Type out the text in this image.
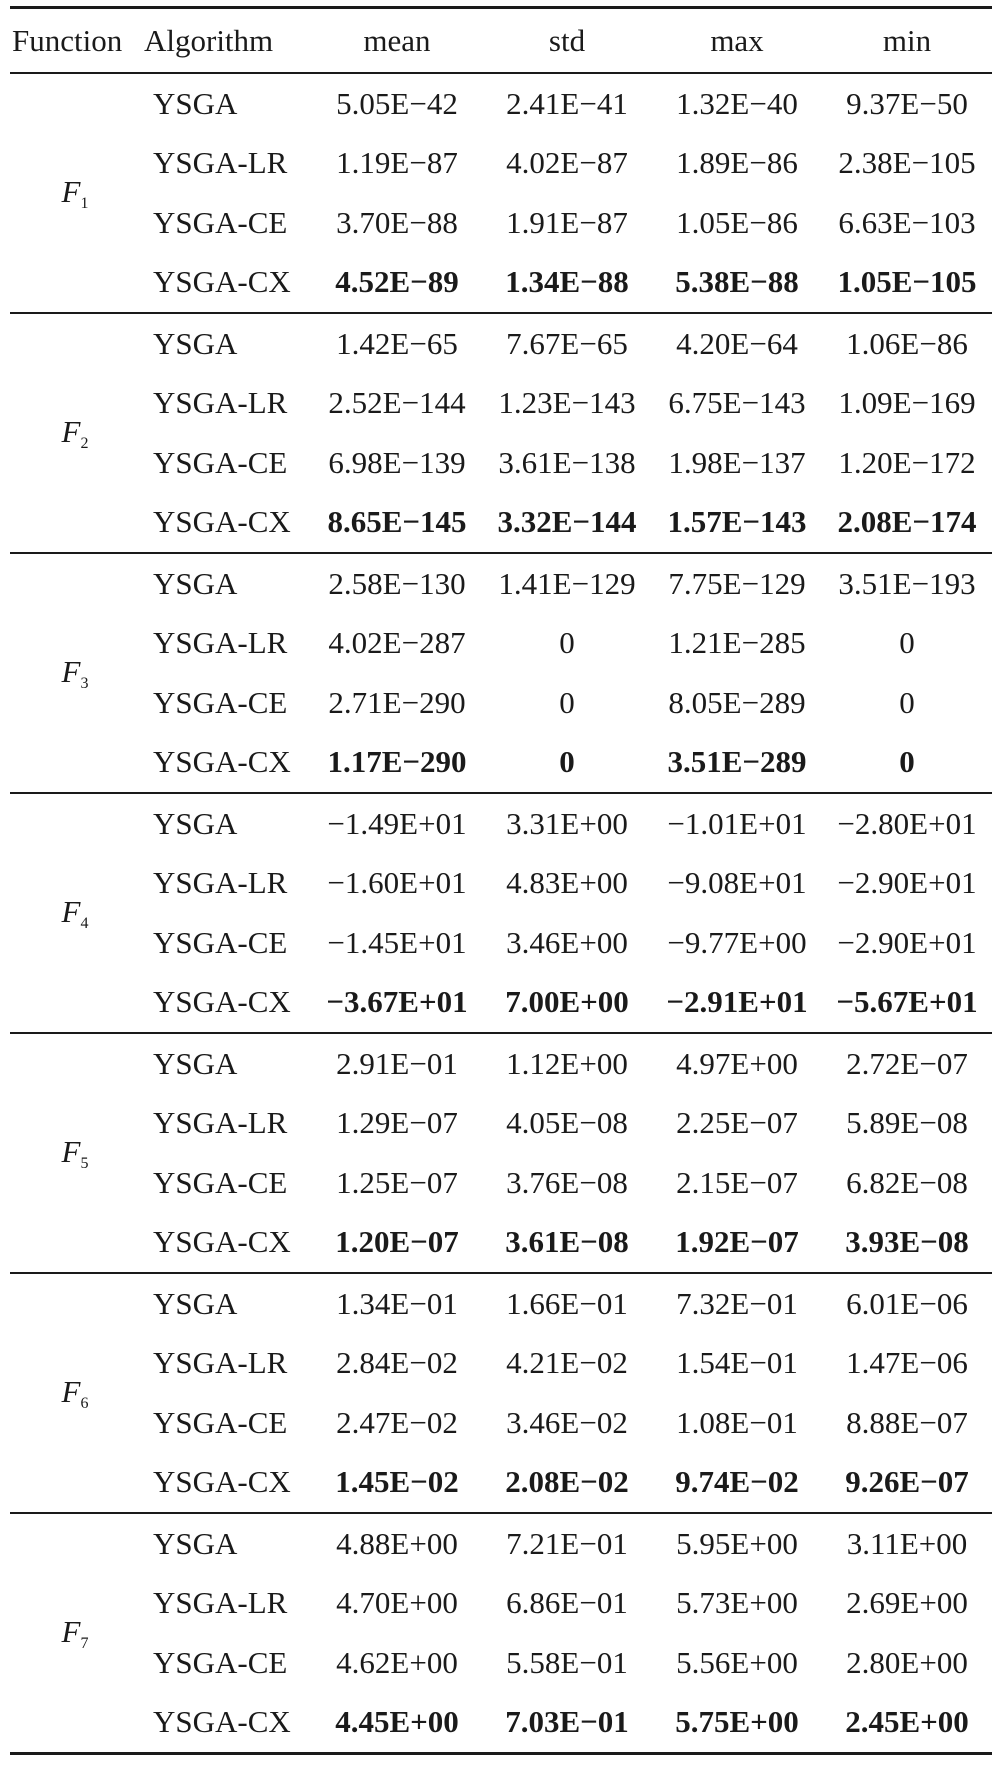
Function	Algorithm	mean	std	max	min
$F_1$	YSGA	5.05E−42	2.41E−41	1.32E−40	9.37E−50
	YSGA-LR	1.19E−87	4.02E−87	1.89E−86	2.38E−105
	YSGA-CE	3.70E−88	1.91E−87	1.05E−86	6.63E−103
	YSGA-CX	4.52E−89	1.34E−88	5.38E−88	1.05E−105
$F_2$	YSGA	1.42E−65	7.67E−65	4.20E−64	1.06E−86
	YSGA-LR	2.52E−144	1.23E−143	6.75E−143	1.09E−169
	YSGA-CE	6.98E−139	3.61E−138	1.98E−137	1.20E−172
	YSGA-CX	8.65E−145	3.32E−144	1.57E−143	2.08E−174
$F_3$	YSGA	2.58E−130	1.41E−129	7.75E−129	3.51E−193
	YSGA-LR	4.02E−287	0	1.21E−285	0
	YSGA-CE	2.71E−290	0	8.05E−289	0
	YSGA-CX	1.17E−290	0	3.51E−289	0
$F_4$	YSGA	−1.49E+01	3.31E+00	−1.01E+01	−2.80E+01
	YSGA-LR	−1.60E+01	4.83E+00	−9.08E+01	−2.90E+01
	YSGA-CE	−1.45E+01	3.46E+00	−9.77E+00	−2.90E+01
	YSGA-CX	−3.67E+01	7.00E+00	−2.91E+01	−5.67E+01
$F_5$	YSGA	2.91E−01	1.12E+00	4.97E+00	2.72E−07
	YSGA-LR	1.29E−07	4.05E−08	2.25E−07	5.89E−08
	YSGA-CE	1.25E−07	3.76E−08	2.15E−07	6.82E−08
	YSGA-CX	1.20E−07	3.61E−08	1.92E−07	3.93E−08
$F_6$	YSGA	1.34E−01	1.66E−01	7.32E−01	6.01E−06
	YSGA-LR	2.84E−02	4.21E−02	1.54E−01	1.47E−06
	YSGA-CE	2.47E−02	3.46E−02	1.08E−01	8.88E−07
	YSGA-CX	1.45E−02	2.08E−02	9.74E−02	9.26E−07
$F_7$	YSGA	4.88E+00	7.21E−01	5.95E+00	3.11E+00
	YSGA-LR	4.70E+00	6.86E−01	5.73E+00	2.69E+00
	YSGA-CE	4.62E+00	5.58E−01	5.56E+00	2.80E+00
	YSGA-CX	4.45E+00	7.03E−01	5.75E+00	2.45E+00
